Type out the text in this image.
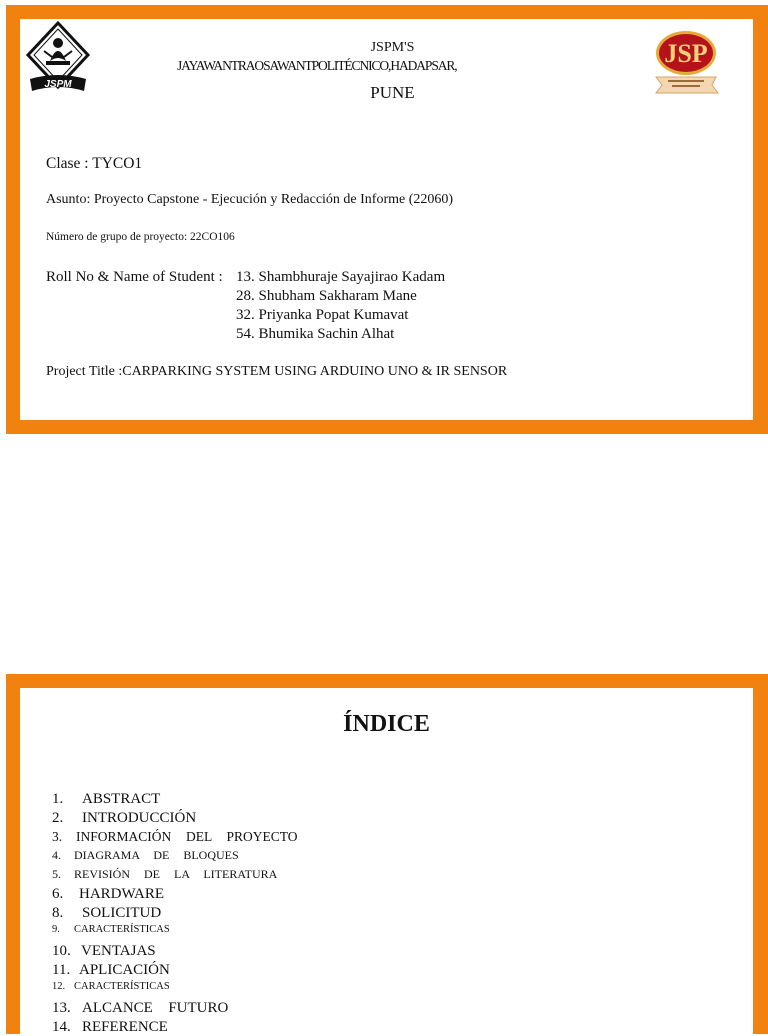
JSPM
JSPM'S
JAYAWANTRAOSAWANTPOLITÉCNICO,HADAPSAR,
PUNE
JSP
Clase : TYCO1
Asunto: Proyecto Capstone - Ejecución y Redacción de Informe (22060)
Número de grupo de proyecto: 22CO106
Roll No & Name of Student : 13. Shambhuraje Sayajirao Kadam
28. Shubham Sakharam Mane
32. Priyanka Popat Kumavat
54. Bhumika Sachin Alhat
Project Title :CARPARKING SYSTEM USING ARDUINO UNO & IR SENSOR
ÍNDICE
1. ABSTRACT
2. INTRODUCCIÓN
3. INFORMACIÓN  DEL  PROYECTO
4. DIAGRAMA  DE  BLOQUES
5. REVISIÓN  DE  LA  LITERATURA
6. HARDWARE
8. SOLICITUD
9. CARACTERÍSTICAS
10. VENTAJAS
11. APLICACIÓN
12. CARACTERÍSTICAS
13. ALCANCE  FUTURO
14. REFERENCE
